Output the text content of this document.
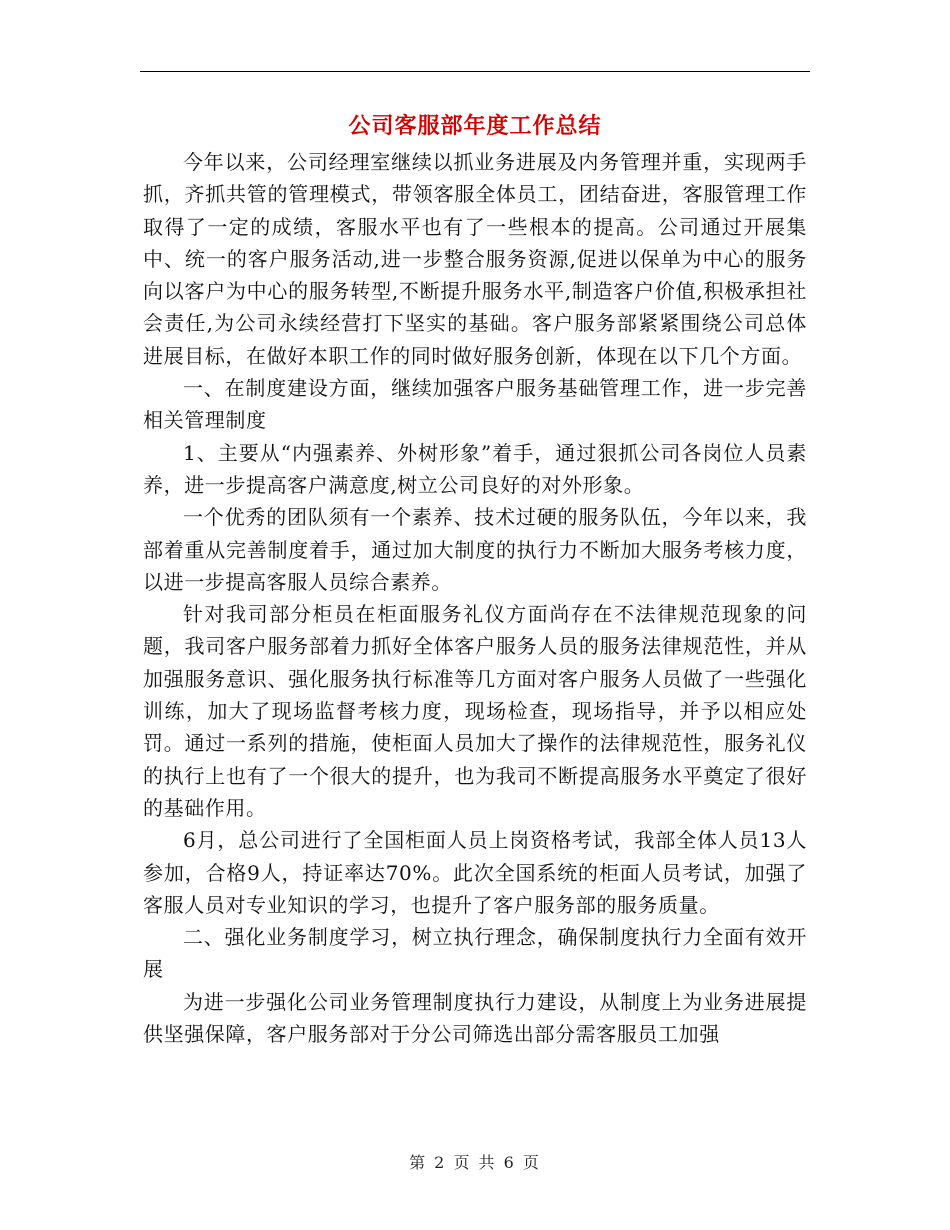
公司客服部年度工作总结

今年以来，公司经理室继续以抓业务进展及内务管理并重，实现两手抓，齐抓共管的管理模式，带领客服全体员工，团结奋进，客服管理工作取得了一定的成绩，客服水平也有了一些根本的提高。公司通过开展集中、统一的客户服务活动,进一步整合服务资源,促进以保单为中心的服务向以客户为中心的服务转型,不断提升服务水平,制造客户价值,积极承担社会责任,为公司永续经营打下坚实的基础。客户服务部紧紧围绕公司总体进展目标，在做好本职工作的同时做好服务创新，体现在以下几个方面。

一、在制度建设方面，继续加强客户服务基础管理工作，进一步完善相关管理制度

1、主要从“内强素养、外树形象”着手，通过狠抓公司各岗位人员素养，进一步提高客户满意度,树立公司良好的对外形象。

一个优秀的团队须有一个素养、技术过硬的服务队伍，今年以来，我部着重从完善制度着手，通过加大制度的执行力不断加大服务考核力度，以进一步提高客服人员综合素养。

针对我司部分柜员在柜面服务礼仪方面尚存在不法律规范现象的问题，我司客户服务部着力抓好全体客户服务人员的服务法律规范性，并从加强服务意识、强化服务执行标准等几方面对客户服务人员做了一些强化训练，加大了现场监督考核力度，现场检查，现场指导，并予以相应处罚。通过一系列的措施，使柜面人员加大了操作的法律规范性，服务礼仪的执行上也有了一个很大的提升，也为我司不断提高服务水平奠定了很好的基础作用。

6月，总公司进行了全国柜面人员上岗资格考试，我部全体人员13人参加，合格9人，持证率达70%。此次全国系统的柜面人员考试，加强了客服人员对专业知识的学习，也提升了客户服务部的服务质量。

二、强化业务制度学习，树立执行理念，确保制度执行力全面有效开展

为进一步强化公司业务管理制度执行力建设，从制度上为业务进展提供坚强保障，客户服务部对于分公司筛选出部分需客服员工加强

第 2 页 共 6 页
